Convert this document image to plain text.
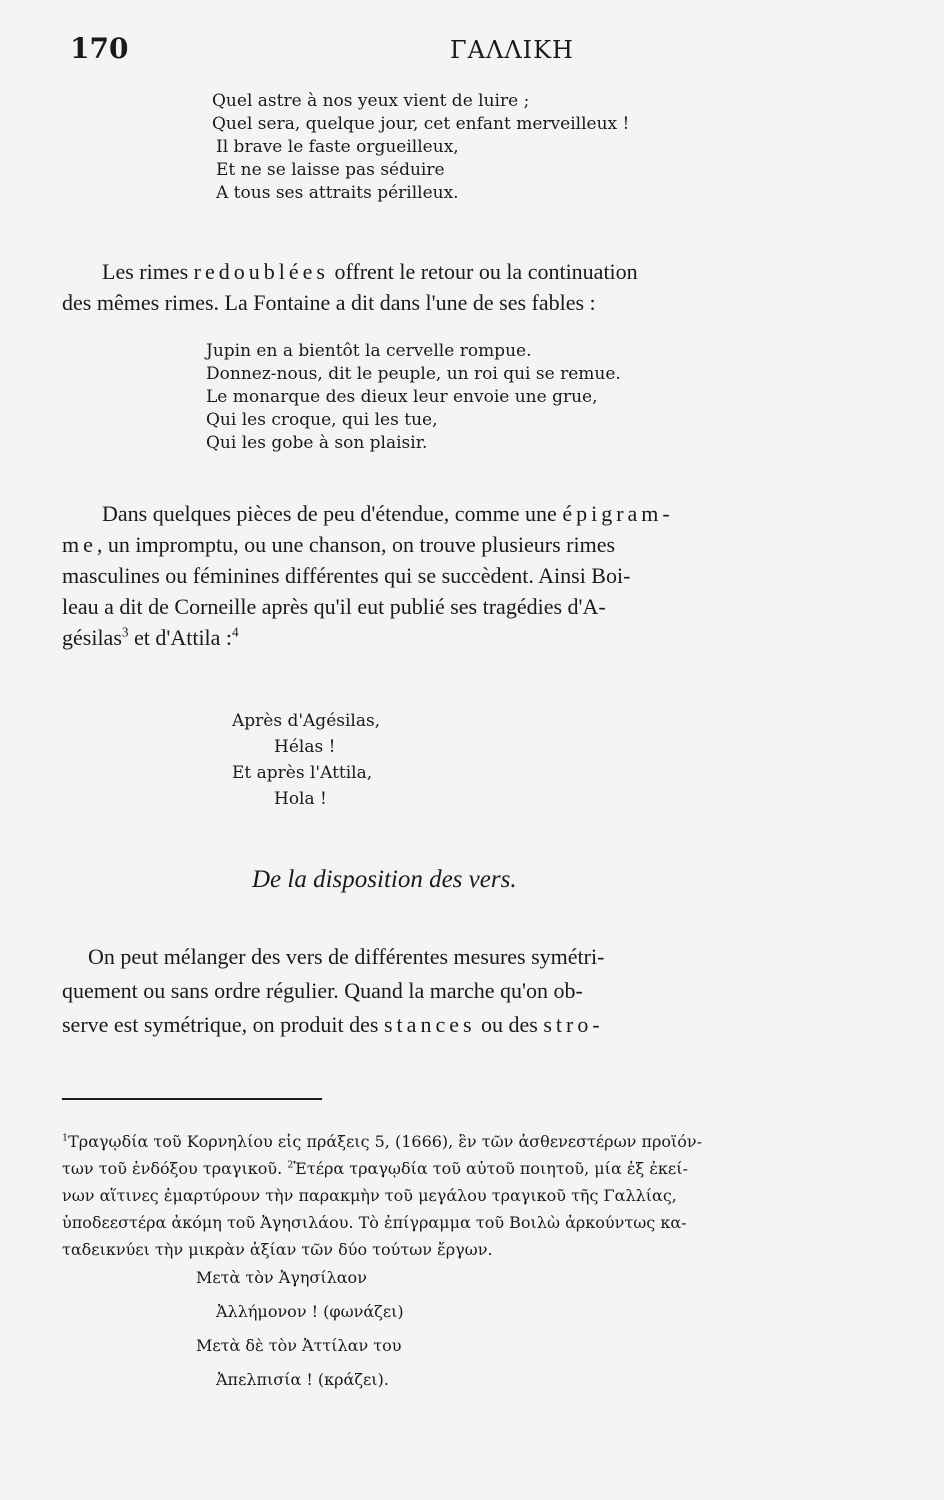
170	ΓΑΛΛΙΚΗ
Quel astre à nos yeux vient de luire ;
Quel sera, quelque jour, cet enfant merveilleux !
Il brave le faste orgueilleux,
Et ne se laisse pas séduire
A tous ses attraits périlleux.
Les rimes redoublées offrent le retour ou la continuation
des mêmes rimes. La Fontaine a dit dans l'une de ses fables :
Jupin en a bientôt la cervelle rompue.
Donnez-nous, dit le peuple, un roi qui se remue.
Le monarque des dieux leur envoie une grue,
Qui les croque, qui les tue,
Qui les gobe à son plaisir.
Dans quelques pièces de peu d'étendue, comme une épigram-
me, un impromptu, ou une chanson, on trouve plusieurs rimes
masculines ou féminines différentes qui se succèdent. Ainsi Boi-
leau a dit de Corneille après qu'il eut publié ses tragédies d'A-
gésilas$^3$ et d'Attila :$^4$
Après d'Agésilas,
Hélas !
Et après l'Attila,
Hola !
De la disposition des vers.
On peut mélanger des vers de différentes mesures symétri-
quement ou sans ordre régulier. Quand la marche qu'on ob-
serve est symétrique, on produit des stances ou des stro-
$^1$Τραγῳδία τοῦ Κορνηλίου εἰς πράξεις 5, (1666), ἓν τῶν ἀσθενεστέρων προϊόν-
των τοῦ ἐνδόξου τραγικοῦ. $^2$Ἑτέρα τραγῳδία τοῦ αὐτοῦ ποιητοῦ, μία ἐξ ἐκεί-
νων αἵτινες ἐμαρτύρουν τὴν παρακμὴν τοῦ μεγάλου τραγικοῦ τῆς Γαλλίας,
ὑποδεεστέρα ἀκόμη τοῦ Ἀγησιλάου. Τὸ ἐπίγραμμα τοῦ Βοιλὼ ἀρκούντως κα-
ταδεικνύει τὴν μικρὰν ἀξίαν τῶν δύο τούτων ἔργων.
Μετὰ τὸν Ἀγησίλαον
Ἀλλήμονον ! (φωνάζει)
Μετὰ δὲ τὸν Ἀττίλαν του
Ἀπελπισία ! (κράζει).
